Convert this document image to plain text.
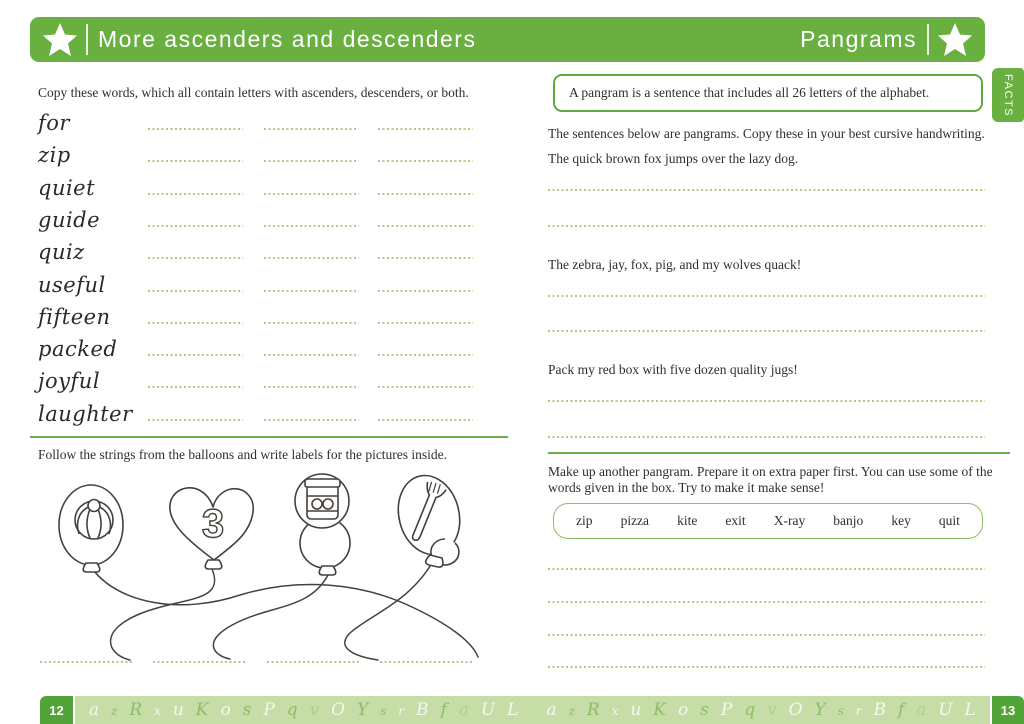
More ascenders and descenders	Pangrams
FACTS

Copy these words, which all contain letters with ascenders, descenders, or both.

for
zip
quiet
guide
quiz
useful
fifteen
packed
joyful
laughter

Follow the strings from the balloons and write labels for the pictures inside.

3

A pangram is a sentence that includes all 26 letters of the alphabet.

The sentences below are pangrams. Copy these in your best cursive handwriting.

The quick brown fox jumps over the lazy dog.

The zebra, jay, fox, pig, and my wolves quack!

Pack my red box with five dozen quality jugs!

Make up another pangram. Prepare it on extra paper first. You can use some of the words given in the box. Try to make it make sense!

zip pizza kite exit X-ray banjo key quit
12	a z R x u K o s P q v O Y s r B f a U L a z R x u K o s P q v O Y s r B f a U L	13
